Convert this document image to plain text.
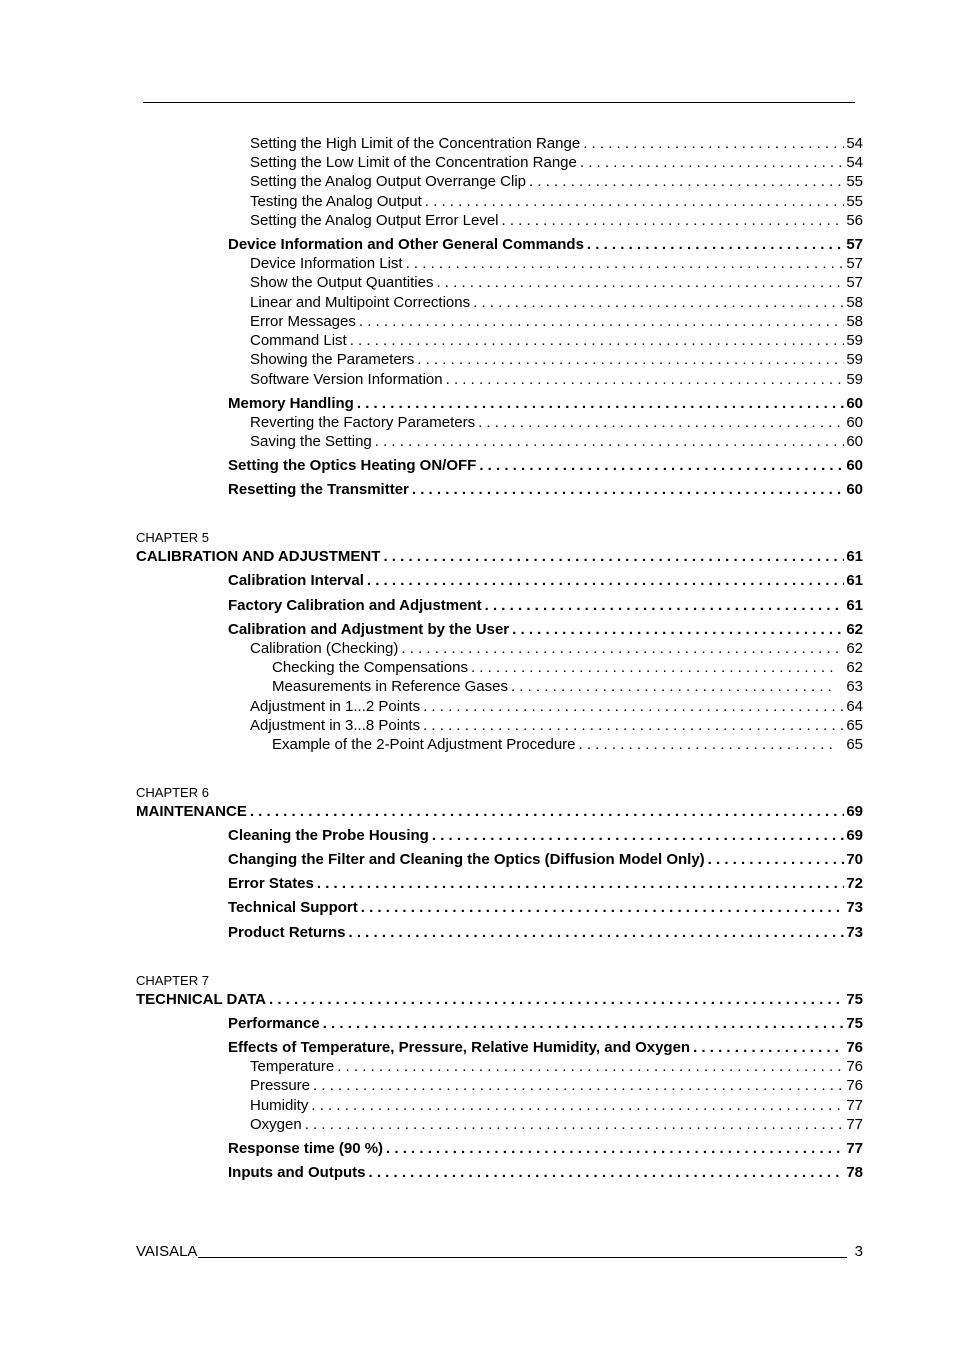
Setting the High Limit of the Concentration Range . . .	54
Setting the Low Limit of the Concentration Range . . .	54
Setting the Analog Output Overrange Clip . . .	55
Testing the Analog Output . . .	55
Setting the Analog Output Error Level . . .	56
Device Information and Other General Commands . . .	57
Device Information List . . .	57
Show the Output Quantities . . .	57
Linear and Multipoint Corrections . . .	58
Error Messages . . .	58
Command List . . .	59
Showing the Parameters . . .	59
Software Version Information . . .	59
Memory Handling . . .	60
Reverting the Factory Parameters . . .	60
Saving the Setting . . .	60
Setting the Optics Heating ON/OFF . . .	60
Resetting the Transmitter . . .	60
CHAPTER 5
CALIBRATION AND ADJUSTMENT . . .	61
Calibration Interval . . .	61
Factory Calibration and Adjustment . . .	61
Calibration and Adjustment by the User . . .	62
Calibration (Checking) . . .	62
Checking the Compensations . . .	62
Measurements in Reference Gases . . .	63
Adjustment in 1...2 Points . . .	64
Adjustment in 3...8 Points . . .	65
Example of the 2-Point Adjustment Procedure . . .	65
CHAPTER 6
MAINTENANCE . . .	69
Cleaning the Probe Housing . . .	69
Changing the Filter and Cleaning the Optics (Diffusion Model Only) . . .	70
Error States . . .	72
Technical Support . . .	73
Product Returns . . .	73
CHAPTER 7
TECHNICAL DATA . . .	75
Performance . . .	75
Effects of Temperature, Pressure, Relative Humidity, and Oxygen . . .	76
Temperature . . .	76
Pressure . . .	76
Humidity . . .	77
Oxygen . . .	77
Response time (90 %) . . .	77
Inputs and Outputs . . .	78
VAISALA	3
